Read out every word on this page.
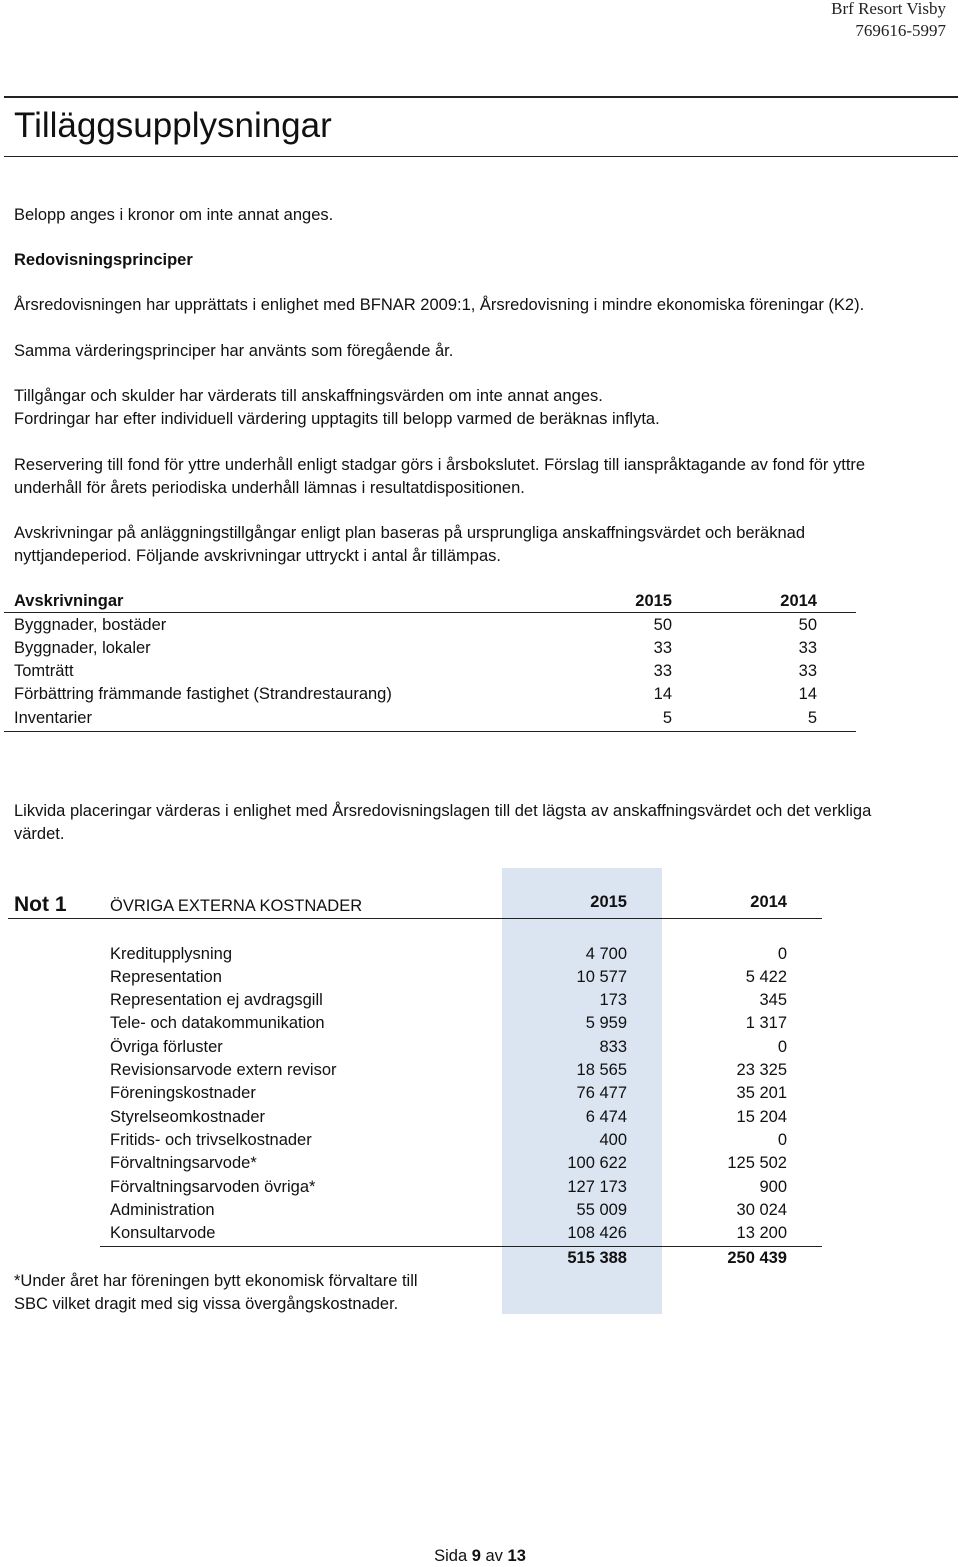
Brf Resort Visby
769616-5997
Tilläggsupplysningar
Belopp anges i kronor om inte annat anges.
Redovisningsprinciper
Årsredovisningen har upprättats i enlighet med BFNAR 2009:1, Årsredovisning i mindre ekonomiska föreningar (K2).
Samma värderingsprinciper har använts som föregående år.
Tillgångar och skulder har värderats till anskaffningsvärden om inte annat anges.
Fordringar har efter individuell värdering upptagits till belopp varmed de beräknas inflyta.
Reservering till fond för yttre underhåll enligt stadgar görs i årsbokslutet. Förslag till ianspråktagande av fond för yttre
underhåll för årets periodiska underhåll lämnas i resultatdispositionen.
Avskrivningar på anläggningstillgångar enligt plan baseras på ursprungliga anskaffningsvärdet och beräknad
nyttjandeperiod. Följande avskrivningar uttryckt i antal år tillämpas.
Avskrivningar	2015	2014
Byggnader, bostäder	50	50
Byggnader, lokaler	33	33
Tomträtt	33	33
Förbättring främmande fastighet (Strandrestaurang)	14	14
Inventarier	5	5
Likvida placeringar värderas i enlighet med Årsredovisningslagen till det lägsta av anskaffningsvärdet och det verkliga
värdet.
Not 1	ÖVRIGA EXTERNA KOSTNADER	2015	2014
Kreditupplysning	4 700	0
Representation	10 577	5 422
Representation ej avdragsgill	173	345
Tele- och datakommunikation	5 959	1 317
Övriga förluster	833	0
Revisionsarvode extern revisor	18 565	23 325
Föreningskostnader	76 477	35 201
Styrelseomkostnader	6 474	15 204
Fritids- och trivselkostnader	400	0
Förvaltningsarvode*	100 622	125 502
Förvaltningsarvoden övriga*	127 173	900
Administration	55 009	30 024
Konsultarvode	108 426	13 200
515 388	250 439
*Under året har föreningen bytt ekonomisk förvaltare till
SBC vilket dragit med sig vissa övergångskostnader.
Sida 9 av 13
